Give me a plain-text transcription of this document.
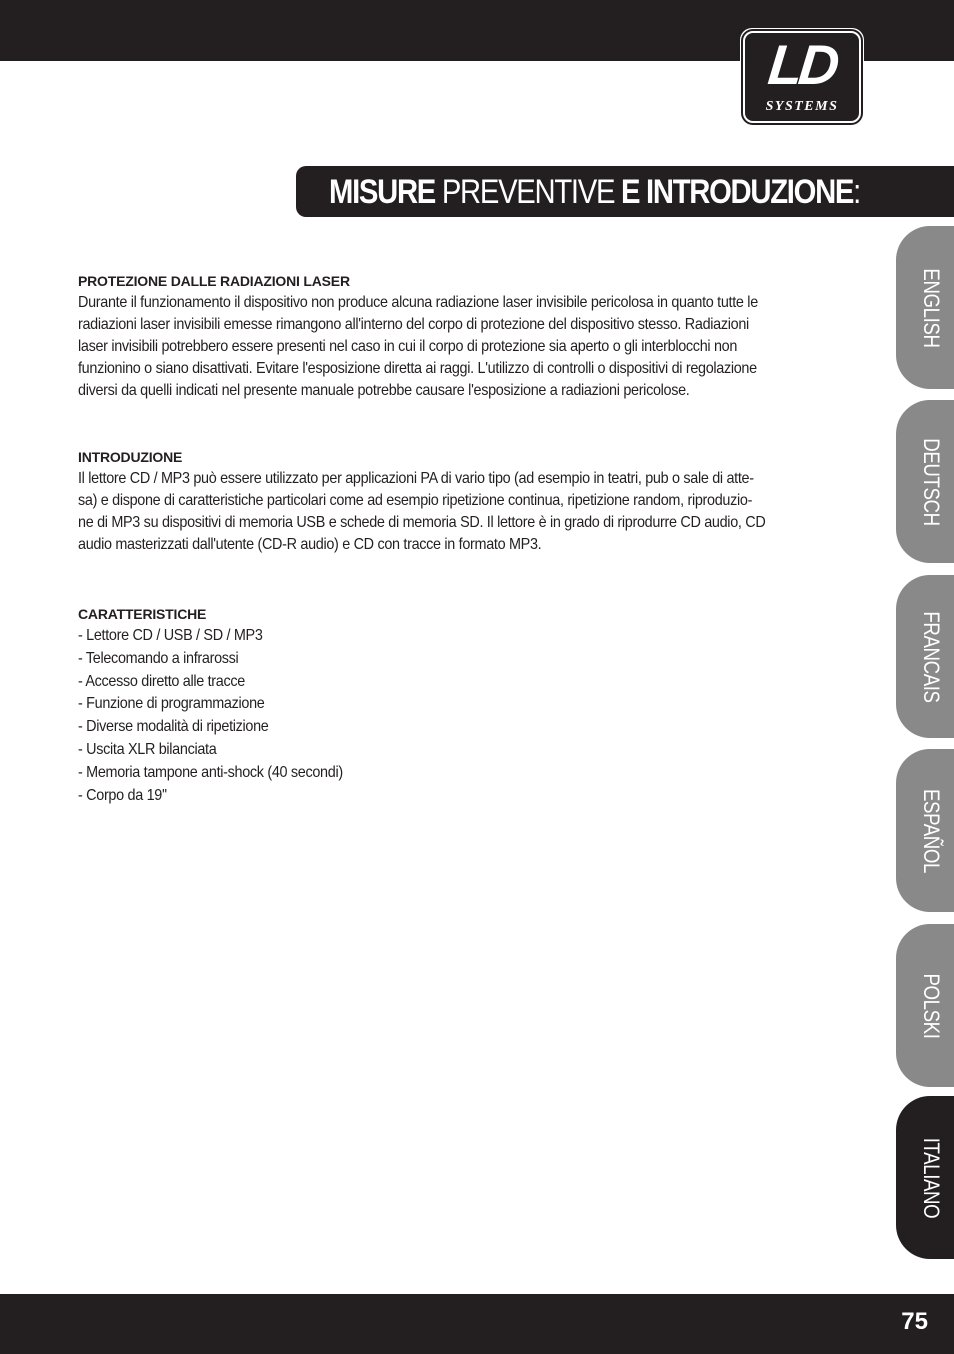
LD
SYSTEMS
MISURE PREVENTIVE E INTRODUZIONE:

PROTEZIONE DALLE RADIAZIONI LASER

Durante il funzionamento il dispositivo non produce alcuna radiazione laser invisibile pericolosa in quanto tutte le
radiazioni laser invisibili emesse rimangono all'interno del corpo di protezione del dispositivo stesso. Radiazioni
laser invisibili potrebbero essere presenti nel caso in cui il corpo di protezione sia aperto o gli interblocchi non
funzionino o siano disattivati. Evitare l'esposizione diretta ai raggi. L'utilizzo di controlli o dispositivi di regolazione
diversi da quelli indicati nel presente manuale potrebbe causare l'esposizione a radiazioni pericolose.

INTRODUZIONE

Il lettore CD / MP3 può essere utilizzato per applicazioni PA di vario tipo (ad esempio in teatri, pub o sale di atte-
sa) e dispone di caratteristiche particolari come ad esempio ripetizione continua, ripetizione random, riproduzio-
ne di MP3 su dispositivi di memoria USB e schede di memoria SD. Il lettore è in grado di riprodurre CD audio, CD
audio masterizzati dall'utente (CD-R audio) e CD con tracce in formato MP3.

CARATTERISTICHE

- Lettore CD / USB / SD / MP3
- Telecomando a infrarossi
- Accesso diretto alle tracce
- Funzione di programmazione
- Diverse modalità di ripetizione
- Uscita XLR bilanciata
- Memoria tampone anti-shock (40 secondi)
- Corpo da 19''
ENGLISH
DEUTSCH
FRANCAIS
ESPAÑOL
POLSKI
ITALIANO
75
